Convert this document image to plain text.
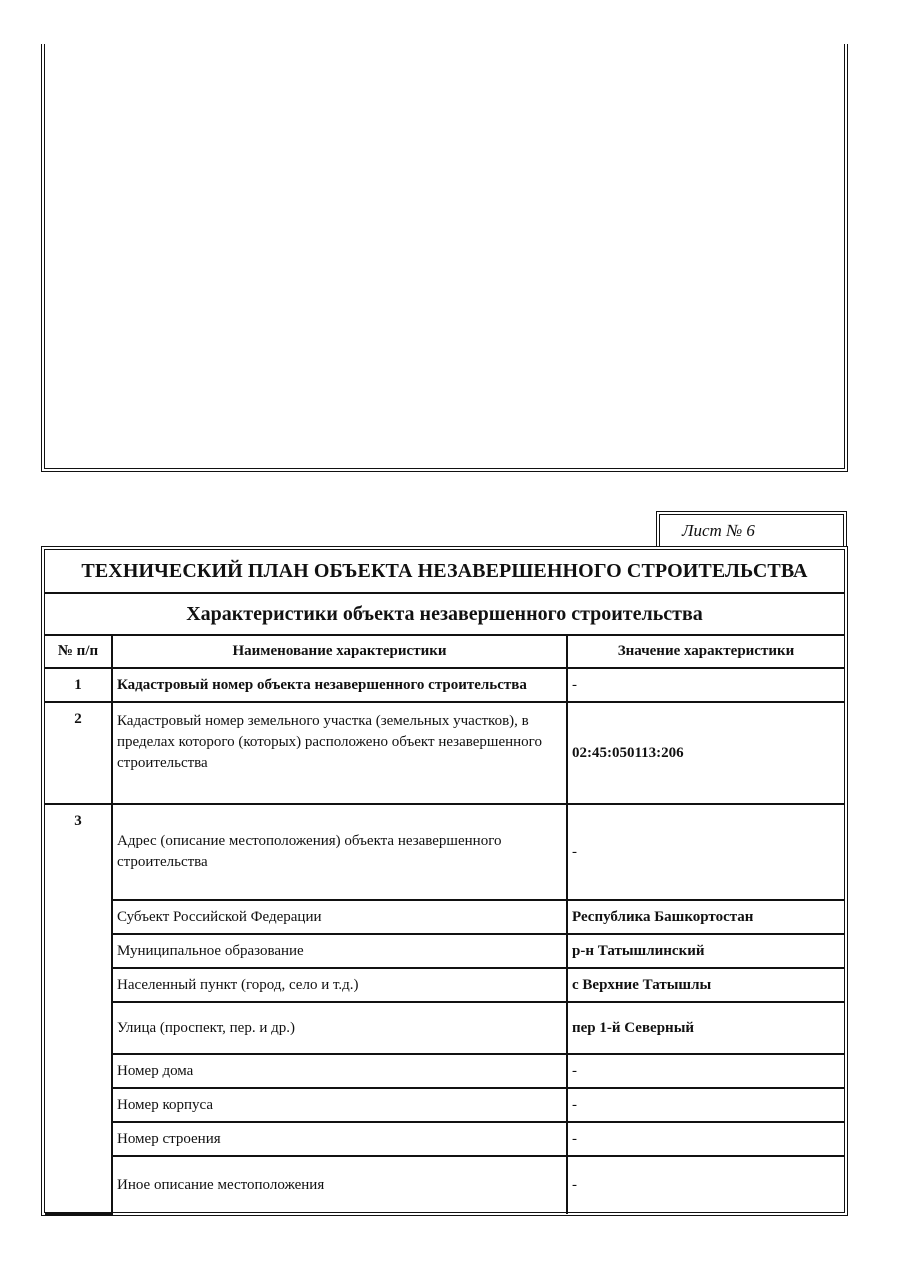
Лист № 6
ТЕХНИЧЕСКИЙ ПЛАН ОБЪЕКТА НЕЗАВЕРШЕННОГО СТРОИТЕЛЬСТВА
Характеристики объекта незавершенного строительства
№ п/п	Наименование характеристики	Значение характеристики
1	Кадастровый номер объекта незавершенного строительства	-
2	Кадастровый номер земельного участка (земельных участков), в пределах которого (которых) расположено объект незавершенного строительства	02:45:050113:206
3	Адрес (описание местоположения) объекта незавершенного строительства	-
	Субъект Российской Федерации	Республика Башкортостан
	Муниципальное образование	р-н Татышлинский
	Населенный пункт (город, село и т.д.)	с Верхние Татышлы
	Улица (проспект, пер. и др.)	пер 1-й Северный
	Номер дома	-
	Номер корпуса	-
	Номер строения	-
	Иное описание местоположения	-
